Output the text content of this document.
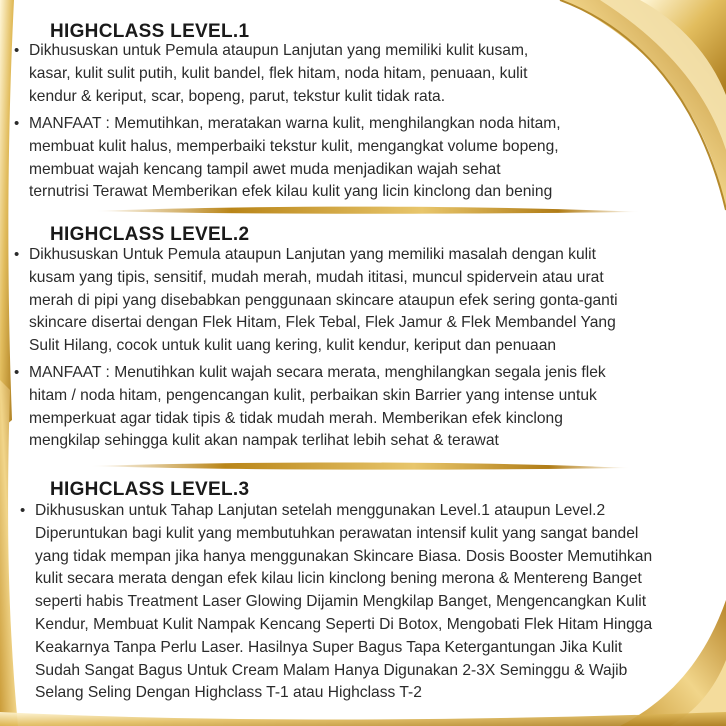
HIGHCLASS LEVEL.1
• Dikhususkan untuk Pemula ataupun Lanjutan yang memiliki kulit kusam,
kasar, kulit sulit putih, kulit bandel, flek hitam, noda hitam, penuaan, kulit
kendur & keriput, scar, bopeng, parut, tekstur kulit tidak rata.
• MANFAAT : Memutihkan, meratakan warna kulit, menghilangkan noda hitam,
membuat kulit halus, memperbaiki tekstur kulit, mengangkat volume bopeng,
membuat wajah kencang tampil awet muda menjadikan wajah sehat
ternutrisi Terawat Memberikan efek kilau kulit yang licin kinclong dan bening
HIGHCLASS LEVEL.2
• Dikhususkan Untuk Pemula ataupun Lanjutan yang memiliki masalah dengan kulit
kusam yang tipis, sensitif, mudah merah, mudah ititasi, muncul spidervein atau urat
merah di pipi yang disebabkan penggunaan skincare ataupun efek sering gonta-ganti
skincare disertai dengan Flek Hitam, Flek Tebal, Flek Jamur & Flek Membandel Yang
Sulit Hilang, cocok untuk kulit uang kering, kulit kendur, keriput dan penuaan
• MANFAAT : Menutihkan kulit wajah secara merata, menghilangkan segala jenis flek
hitam / noda hitam, pengencangan kulit, perbaikan skin Barrier yang intense untuk
memperkuat agar tidak tipis & tidak mudah merah. Memberikan efek kinclong
mengkilap sehingga kulit akan nampak terlihat lebih sehat & terawat
HIGHCLASS LEVEL.3
• Dikhususkan untuk Tahap Lanjutan setelah menggunakan Level.1 ataupun Level.2
Diperuntukan bagi kulit yang membutuhkan perawatan intensif kulit yang sangat bandel
yang tidak mempan jika hanya menggunakan Skincare Biasa. Dosis Booster Memutihkan
kulit secara merata dengan efek kilau licin kinclong bening merona & Mentereng Banget
seperti habis Treatment Laser Glowing Dijamin Mengkilap Banget, Mengencangkan Kulit
Kendur, Membuat Kulit Nampak Kencang Seperti Di Botox, Mengobati Flek Hitam Hingga
Keakarnya Tanpa Perlu Laser. Hasilnya Super Bagus Tapa Ketergantungan Jika Kulit
Sudah Sangat Bagus Untuk Cream Malam Hanya Digunakan 2-3X Seminggu & Wajib
Selang Seling Dengan Highclass T-1 atau Highclass T-2
